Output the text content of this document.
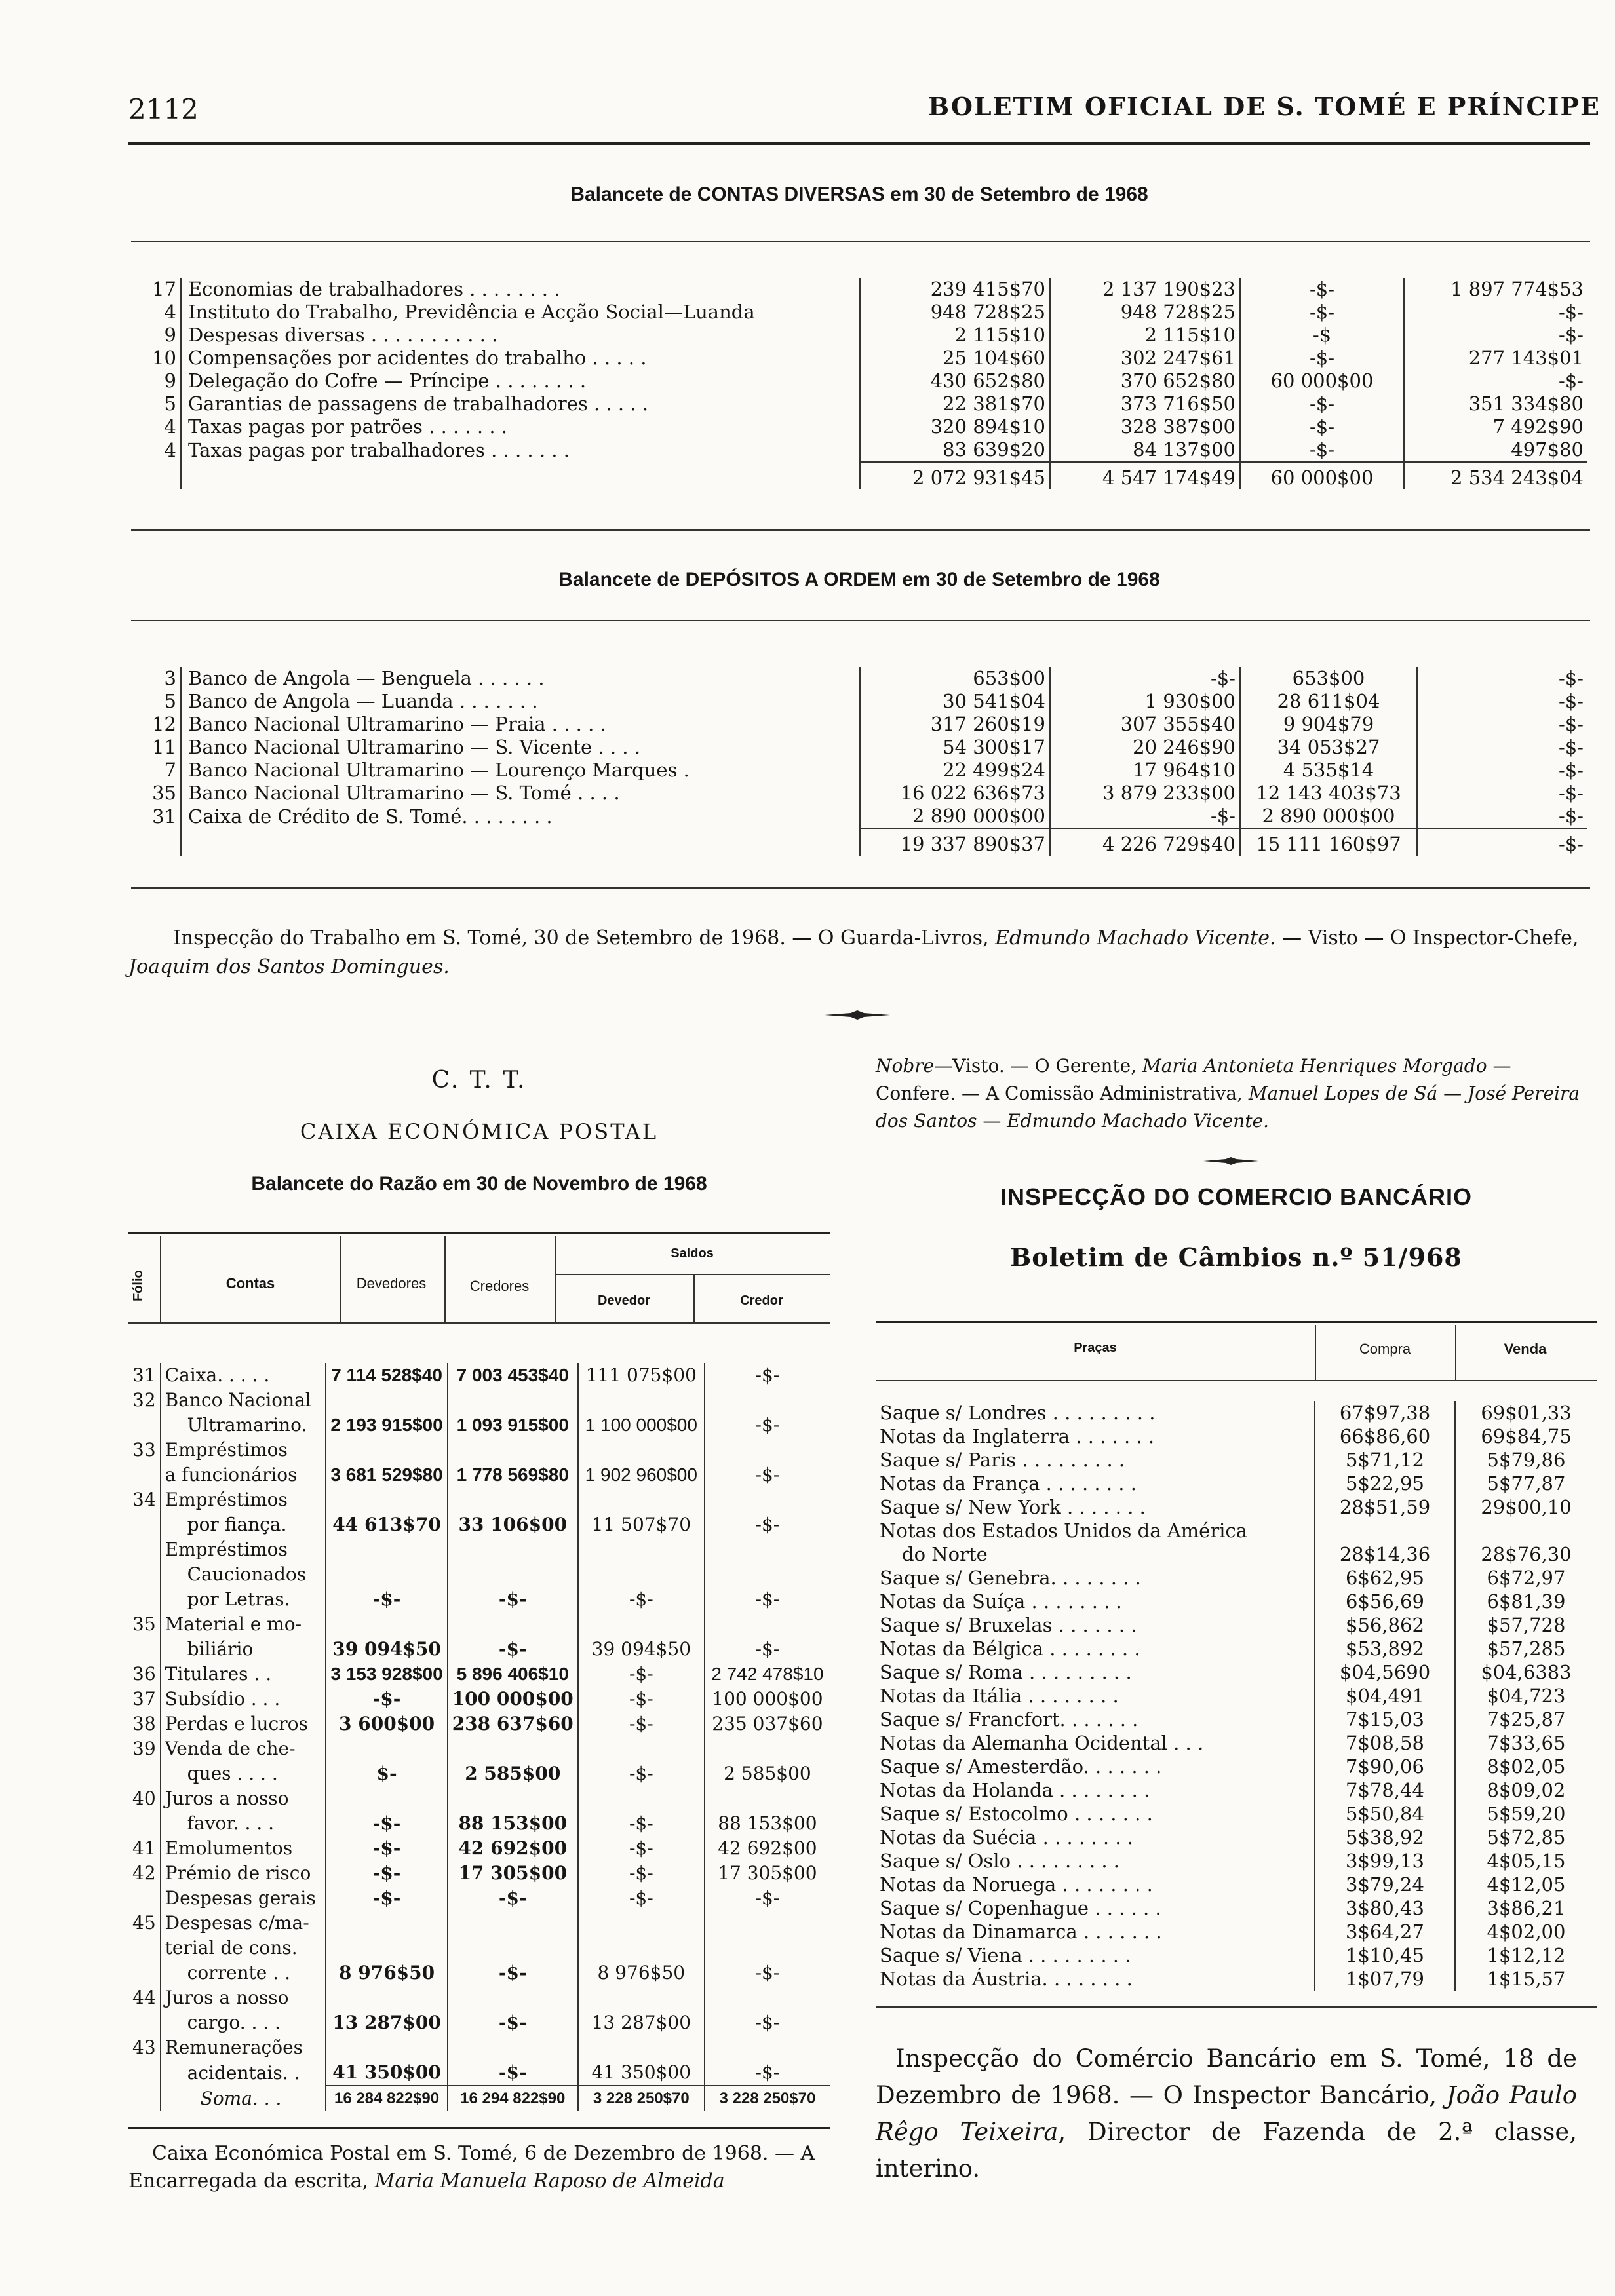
2112	BOLETIM OFICIAL DE S. TOMÉ E PRÍNCIPE
Balancete de CONTAS DIVERSAS em 30 de Setembro de 1968
17	Economias de trabalhadores . . . . . . . .	239 415$70	2 137 190$23	-$-	1 897 774$53
4	Instituto do Trabalho, Previdência e Acção Social—Luanda	948 728$25	948 728$25	-$-	-$-
9	Despesas diversas . . . . . . . . . . .	2 115$10	2 115$10	-$	-$-
10	Compensações por acidentes do trabalho . . . . .	25 104$60	302 247$61	-$-	277 143$01
9	Delegação do Cofre — Príncipe . . . . . . . .	430 652$80	370 652$80	60 000$00	-$-
5	Garantias de passagens de trabalhadores . . . . .	22 381$70	373 716$50	-$-	351 334$80
4	Taxas pagas por patrões . . . . . . .	320 894$10	328 387$00	-$-	7 492$90
4	Taxas pagas por trabalhadores . . . . . . .	83 639$20	84 137$00	-$-	497$80
		2 072 931$45	4 547 174$49	60 000$00	2 534 243$04
Balancete de DEPÓSITOS A ORDEM em 30 de Setembro de 1968
3	Banco de Angola — Benguela . . . . . .	653$00	-$-	653$00	-$-
5	Banco de Angola — Luanda . . . . . . .	30 541$04	1 930$00	28 611$04	-$-
12	Banco Nacional Ultramarino — Praia . . . . .	317 260$19	307 355$40	9 904$79	-$-
11	Banco Nacional Ultramarino — S. Vicente . . . .	54 300$17	20 246$90	34 053$27	-$-
7	Banco Nacional Ultramarino — Lourenço Marques .	22 499$24	17 964$10	4 535$14	-$-
35	Banco Nacional Ultramarino — S. Tomé . . . .	16 022 636$73	3 879 233$00	12 143 403$73	-$-
31	Caixa de Crédito de S. Tomé. . . . . . . .	2 890 000$00	-$-	2 890 000$00	-$-
		19 337 890$37	4 226 729$40	15 111 160$97	-$-
Inspecção do Trabalho em S. Tomé, 30 de Setembro de 1968. — O Guarda-Livros, Edmundo Machado Vicente. — Visto — O Inspector-Chefe, Joaquim dos Santos Domingues.
C. T. T.
CAIXA ECONÓMICA POSTAL
Balancete do Razão em 30 de Novembro de 1968
Fólio	Contas	Devedores	Credores
Saldos
Devedor	Credor
31	Caixa. . . . .	7 114 528$40	7 003 453$40	111 075$00	-$-
32	Banco Nacional				
	Ultramarino.	2 193 915$00	1 093 915$00	1 100 000$00	-$-
33	Empréstimos				
	a funcionários	3 681 529$80	1 778 569$80	1 902 960$00	-$-
34	Empréstimos				
	por fiança.	44 613$70	33 106$00	11 507$70	-$-
	Empréstimos				
	Caucionados				
	por Letras.	-$-	-$-	-$-	-$-
35	Material e mo-				
	biliário	39 094$50	-$-	39 094$50	-$-
36	Titulares . .	3 153 928$00	5 896 406$10	-$-	2 742 478$10
37	Subsídio . . .	-$-	100 000$00	-$-	100 000$00
38	Perdas e lucros	3 600$00	238 637$60	-$-	235 037$60
39	Venda de che-				
	ques . . . .	$-	2 585$00	-$-	2 585$00
40	Juros a nosso				
	favor. . . .	-$-	88 153$00	-$-	88 153$00
41	Emolumentos	-$-	42 692$00	-$-	42 692$00
42	Prémio de risco	-$-	17 305$00	-$-	17 305$00
	Despesas gerais	-$-	-$-	-$-	-$-
45	Despesas c/ma-				
	terial de cons.				
	corrente . .	8 976$50	-$-	8 976$50	-$-
44	Juros a nosso				
	cargo. . . .	13 287$00	-$-	13 287$00	-$-
43	Remunerações				
	acidentais. .	41 350$00	-$-	41 350$00	-$-
	Soma. . .	16 284 822$90	16 294 822$90	3 228 250$70	3 228 250$70
Caixa Económica Postal em S. Tomé, 6 de Dezembro de 1968. — A Encarregada da escrita, Maria Manuela Raposo de Almeida
Nobre—Visto. — O Gerente, Maria Antonieta Henriques Morgado — Confere. — A Comissão Administrativa, Manuel Lopes de Sá — José Pereira dos Santos — Edmundo Machado Vicente.
INSPECÇÃO DO COMERCIO BANCÁRIO
Boletim de Câmbios n.º 51/968
Praças	Compra	Venda
Saque s/ Londres . . . . . . . . .	67$97,38	69$01,33
Notas da Inglaterra . . . . . . .	66$86,60	69$84,75
Saque s/ Paris . . . . . . . . .	5$71,12	5$79,86
Notas da França . . . . . . . .	5$22,95	5$77,87
Saque s/ New York . . . . . . .	28$51,59	29$00,10
Notas dos Estados Unidos da América		
do Norte	28$14,36	28$76,30
Saque s/ Genebra. . . . . . . .	6$62,95	6$72,97
Notas da Suíça . . . . . . . .	6$56,69	6$81,39
Saque s/ Bruxelas . . . . . . .	$56,862	$57,728
Notas da Bélgica . . . . . . . .	$53,892	$57,285
Saque s/ Roma . . . . . . . . .	$04,5690	$04,6383
Notas da Itália . . . . . . . .	$04,491	$04,723
Saque s/ Francfort. . . . . . .	7$15,03	7$25,87
Notas da Alemanha Ocidental . . .	7$08,58	7$33,65
Saque s/ Amesterdão. . . . . . .	7$90,06	8$02,05
Notas da Holanda . . . . . . . .	7$78,44	8$09,02
Saque s/ Estocolmo . . . . . . .	5$50,84	5$59,20
Notas da Suécia . . . . . . . .	5$38,92	5$72,85
Saque s/ Oslo . . . . . . . . .	3$99,13	4$05,15
Notas da Noruega . . . . . . . .	3$79,24	4$12,05
Saque s/ Copenhague . . . . . .	3$80,43	3$86,21
Notas da Dinamarca . . . . . . .	3$64,27	4$02,00
Saque s/ Viena . . . . . . . . .	1$10,45	1$12,12
Notas da Áustria. . . . . . . .	1$07,79	1$15,57
Inspecção do Comércio Bancário em S. Tomé, 18 de Dezembro de 1968. — O Inspector Bancário, João Paulo Rêgo Teixeira, Director de Fazenda de 2.ª classe, interino.
